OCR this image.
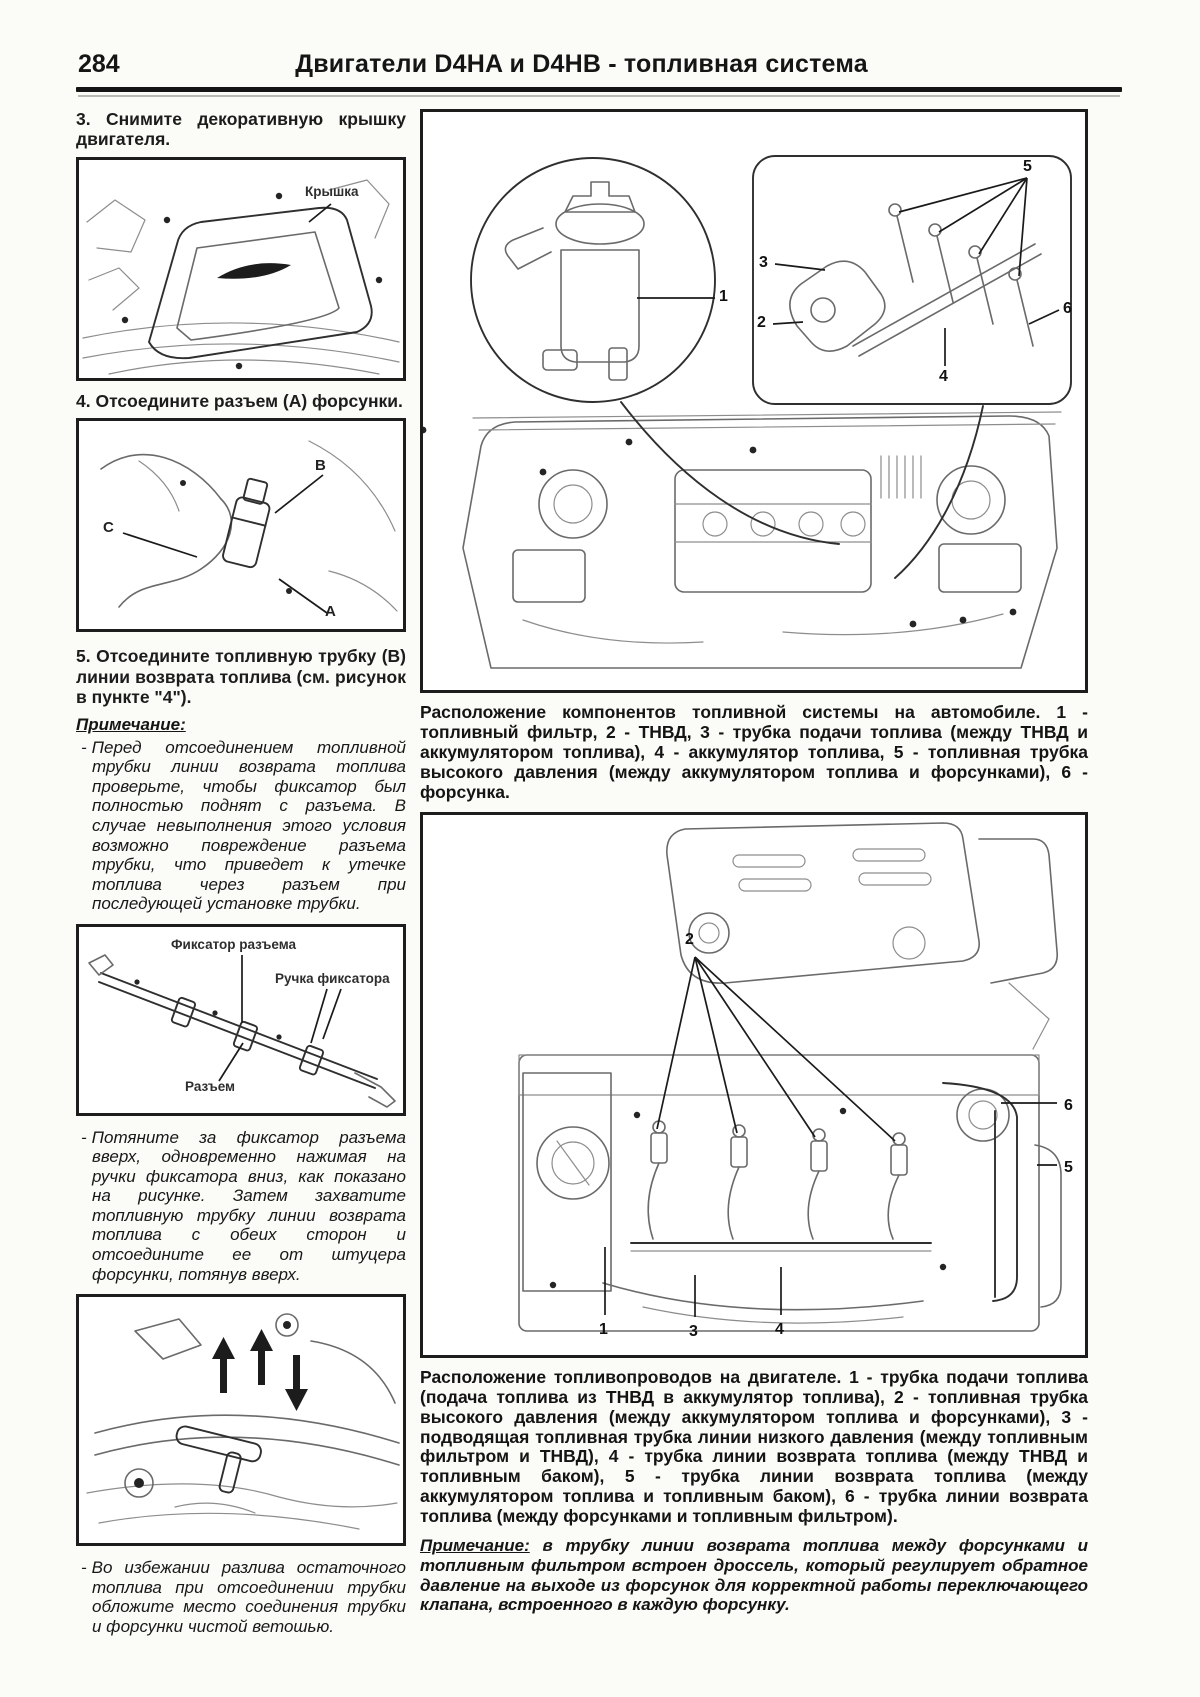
284	Двигатели D4HA и D4HB - топливная система

3. Снимите декоративную крышку двигателя.

Крышка

4. Отсоедините разъем (А) форсунки.

B
C
A

5. Отсоедините топливную трубку (В) линии возврата топлива (см. рисунок в пункте "4").

Примечание:

- Перед отсоединением топливной трубки линии возврата топлива проверьте, чтобы фиксатор был полностью поднят с разъема. В случае невыполнения этого условия возможно повреждение разъема трубки, что приведет к утечке топлива через разъем при последующей установке трубки.

Фиксатор разъема
Ручка фиксатора
Разъем

- Потяните за фиксатор разъема вверх, одновременно нажимая на ручки фиксатора вниз, как показано на рисунке. Затем захватите топливную трубку линии возврата топлива с обеих сторон и отсоедините ее от штуцера форсунки, потянув вверх.

- Во избежании разлива остаточного топлива при отсоединении трубки обложите место соединения трубки и форсунки чистой ветошью.

1
2
3
4
5
6

Расположение компонентов топливной системы на автомобиле. 1 - топливный фильтр, 2 - ТНВД, 3 - трубка подачи топлива (между ТНВД и аккумулятором топлива), 4 - аккумулятор топлива, 5 - топливная трубка высокого давления (между аккумулятором топлива и форсунками), 6 - форсунка.

2
6
5
1	3	4

Расположение топливопроводов на двигателе. 1 - трубка подачи топлива (подача топлива из ТНВД в аккумулятор топлива), 2 - топливная трубка высокого давления (между аккумулятором топлива и форсунками), 3 - подводящая топливная трубка линии низкого давления (между топливным фильтром и ТНВД), 4 - трубка линии возврата топлива (между ТНВД и топливным баком), 5 - трубка линии возврата топлива (между аккумулятором топлива и топливным баком), 6 - трубка линии возврата топлива (между форсунками и топливным фильтром).

Примечание: в трубку линии возврата топлива между форсунками и топливным фильтром встроен дроссель, который регулирует обратное давление на выходе из форсунок для корректной работы переключающего клапана, встроенного в каждую форсунку.
